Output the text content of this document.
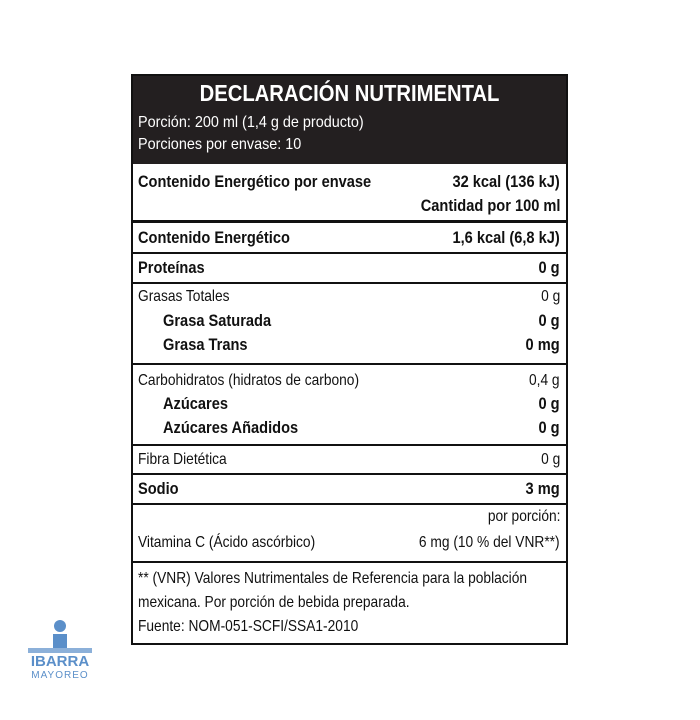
DECLARACIÓN NUTRIMENTAL
Porción: 200 ml (1,4 g de producto)
Porciones por envase: 10
Contenido Energético por envase	32 kcal (136 kJ)
Cantidad por 100 ml
Contenido Energético	1,6 kcal (6,8 kJ)
Proteínas	0 g
Grasas Totales	0 g
Grasa Saturada	0 g
Grasa Trans	0 mg
Carbohidratos (hidratos de carbono)	0,4 g
Azúcares	0 g
Azúcares Añadidos	0 g
Fibra Dietética	0 g
Sodio	3 mg
por porción:
Vitamina C (Ácido ascórbico)	6 mg (10 % del VNR**)
** (VNR) Valores Nutrimentales de Referencia para la población
mexicana. Por porción de bebida preparada.
Fuente: NOM-051-SCFI/SSA1-2010
IBARRA
MAYOREO
